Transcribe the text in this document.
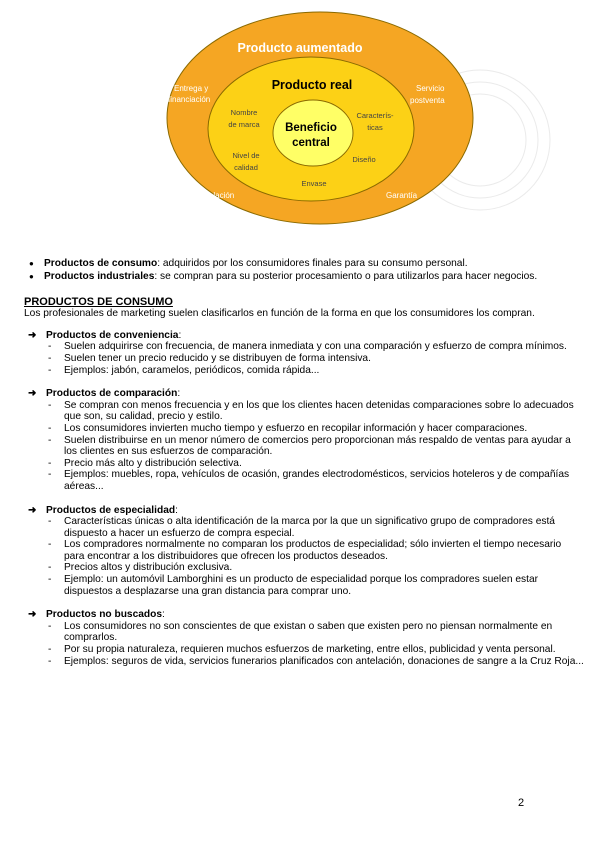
Producto aumentado
Producto real
Beneficio
central
Entrega y
financiación
Servicio
postventa
Instalación	Garantía
Nombre
de marca
Caracterís-
ticas
Nivel de
calidad
Diseño
Envase
● Productos de consumo: adquiridos por los consumidores finales para su consumo personal.
● Productos industriales: se compran para su posterior procesamiento o para utilizarlos para hacer negocios.
PRODUCTOS DE CONSUMO

Los profesionales de marketing suelen clasificarlos en función de la forma en que los consumidores los compran.

➜ Productos de conveniencia:

- Suelen adquirirse con frecuencia, de manera inmediata y con una comparación y esfuerzo de compra mínimos.
- Suelen tener un precio reducido y se distribuyen de forma intensiva.
- Ejemplos: jabón, caramelos, periódicos, comida rápida...

➜ Productos de comparación:

- Se compran con menos frecuencia y en los que los clientes hacen detenidas comparaciones sobre lo adecuados que son, su calidad, precio y estilo.
- Los consumidores invierten mucho tiempo y esfuerzo en recopilar información y hacer comparaciones.
- Suelen distribuirse en un menor número de comercios pero proporcionan más respaldo de ventas para ayudar a los clientes en sus esfuerzos de comparación.
- Precio más alto y distribución selectiva.
- Ejemplos: muebles, ropa, vehículos de ocasión, grandes electrodomésticos, servicios hoteleros y de compañías aéreas...

➜ Productos de especialidad:

- Características únicas o alta identificación de la marca por la que un significativo grupo de compradores está dispuesto a hacer un esfuerzo de compra especial.
- Los compradores normalmente no comparan los productos de especialidad; sólo invierten el tiempo necesario para encontrar a los distribuidores que ofrecen los productos deseados.
- Precios altos y distribución exclusiva.
- Ejemplo: un automóvil Lamborghini es un producto de especialidad porque los compradores suelen estar dispuestos a desplazarse una gran distancia para comprar uno.

➜ Productos no buscados:

- Los consumidores no son conscientes de que existan o saben que existen pero no piensan normalmente en comprarlos.
- Por su propia naturaleza, requieren muchos esfuerzos de marketing, entre ellos, publicidad y venta personal.
- Ejemplos: seguros de vida, servicios funerarios planificados con antelación, donaciones de sangre a la Cruz Roja...
2
